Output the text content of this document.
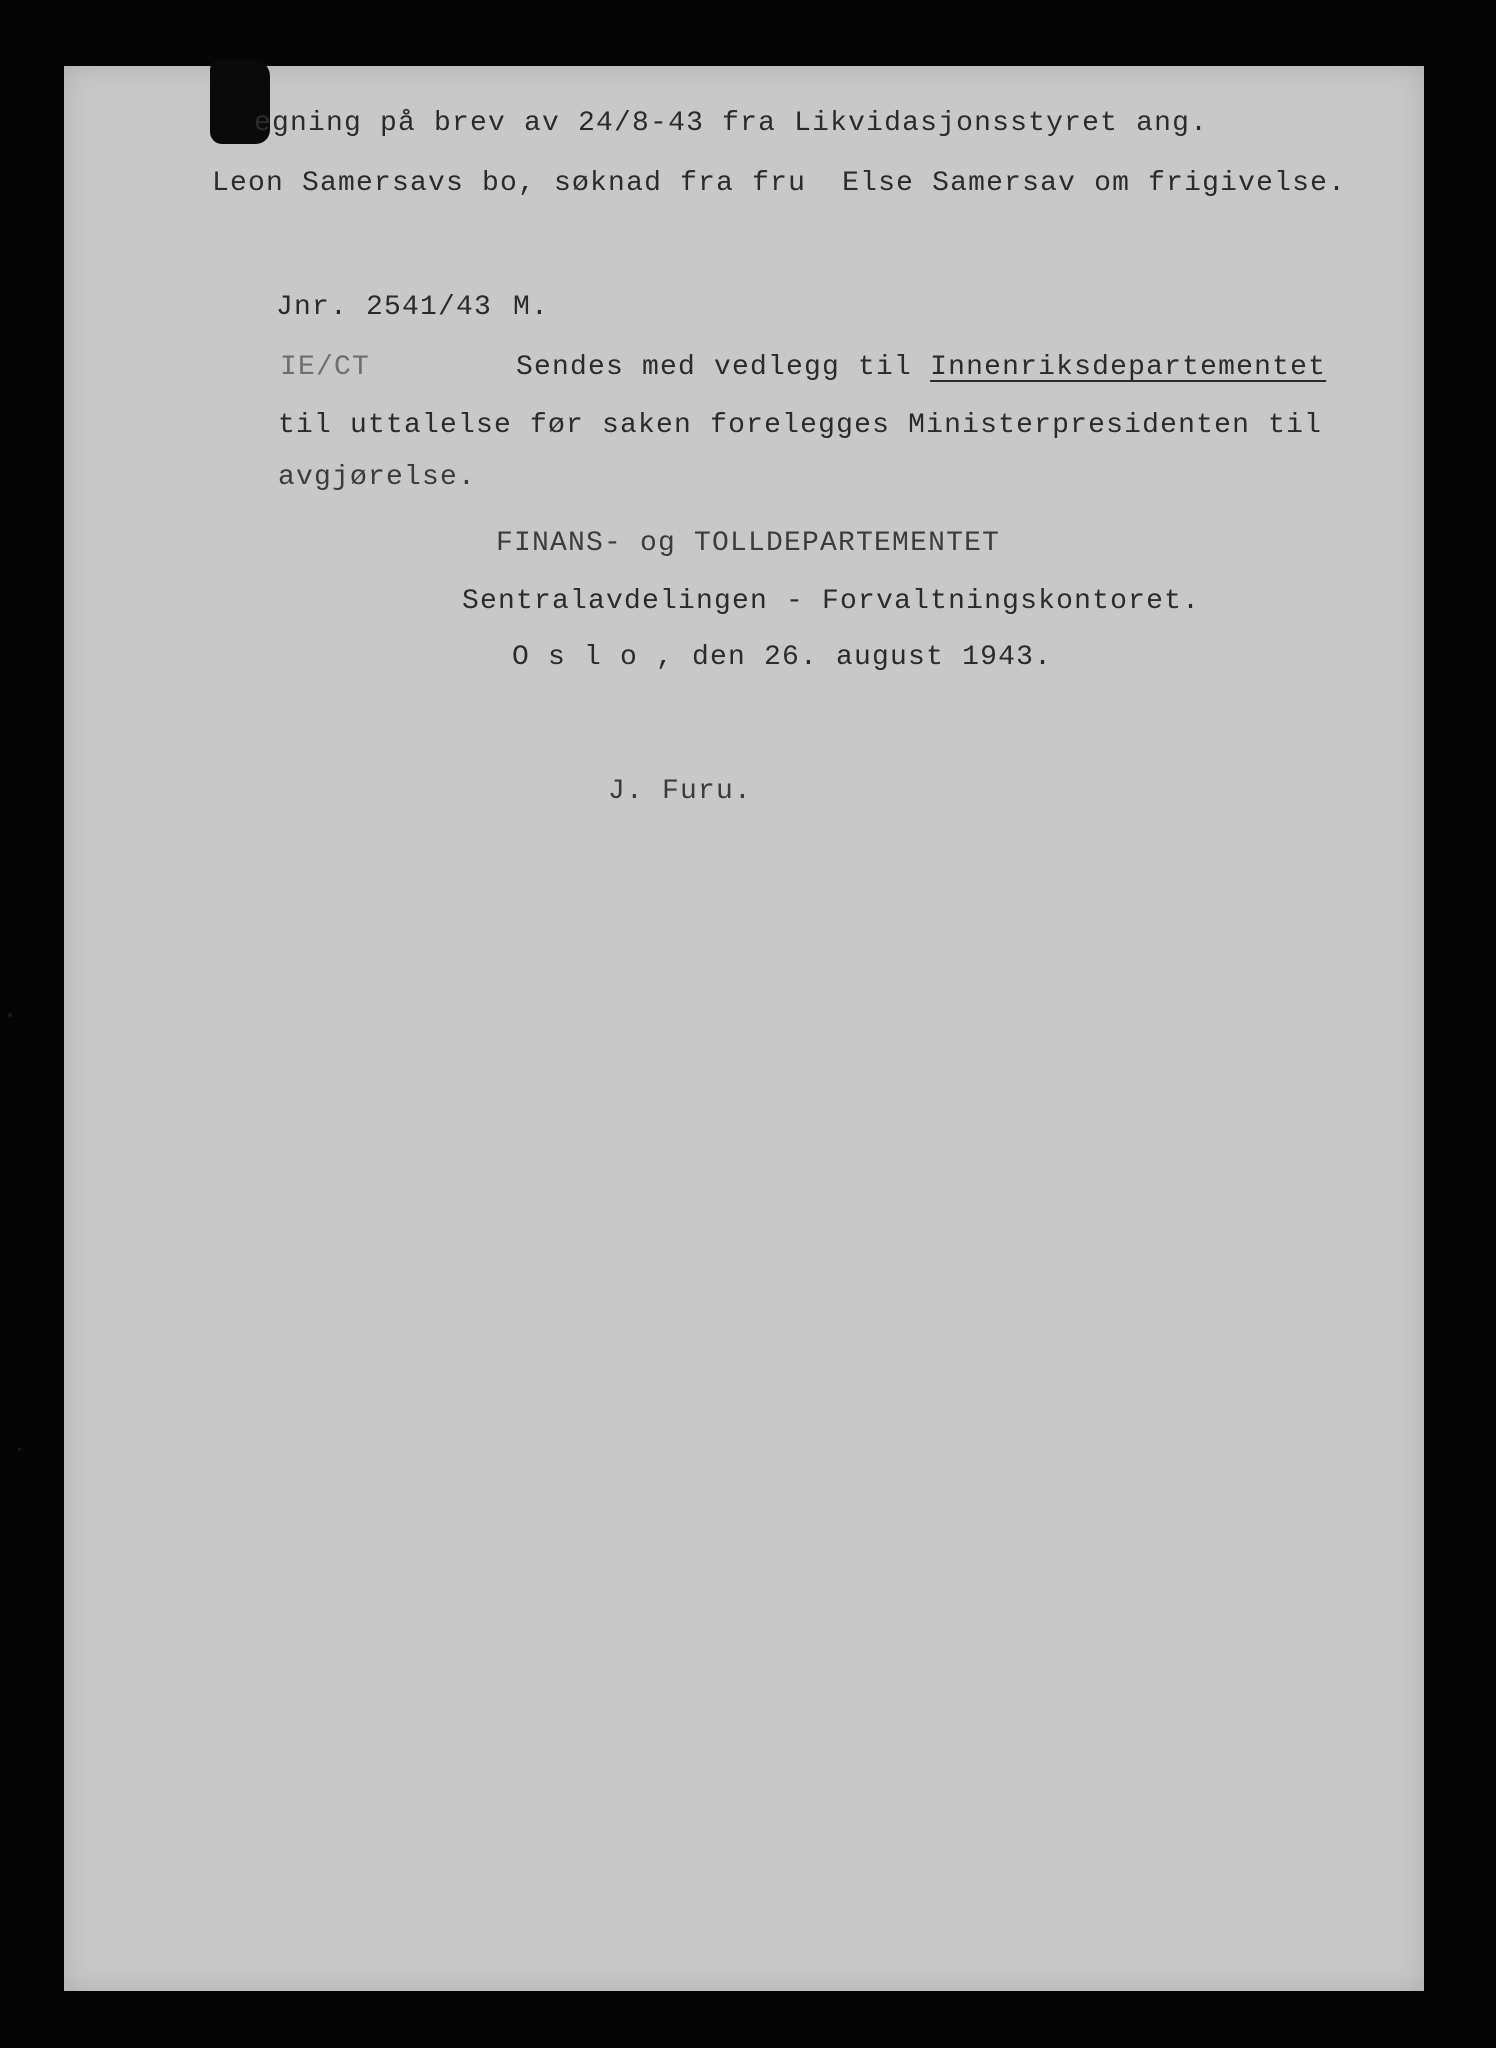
egning på brev av 24/8-43 fra Likvidasjonsstyret ang.
Leon Samersavs bo, søknad fra fru  Else Samersav om frigivelse.
Jnr. 2541/43 M.
IE/CT	Sendes med vedlegg til Innenriksdepartementet
til uttalelse før saken forelegges Ministerpresidenten til
avgjørelse.
FINANS- og TOLLDEPARTEMENTET
Sentralavdelingen - Forvaltningskontoret.
O s l o , den 26. august 1943.
J. Furu.
